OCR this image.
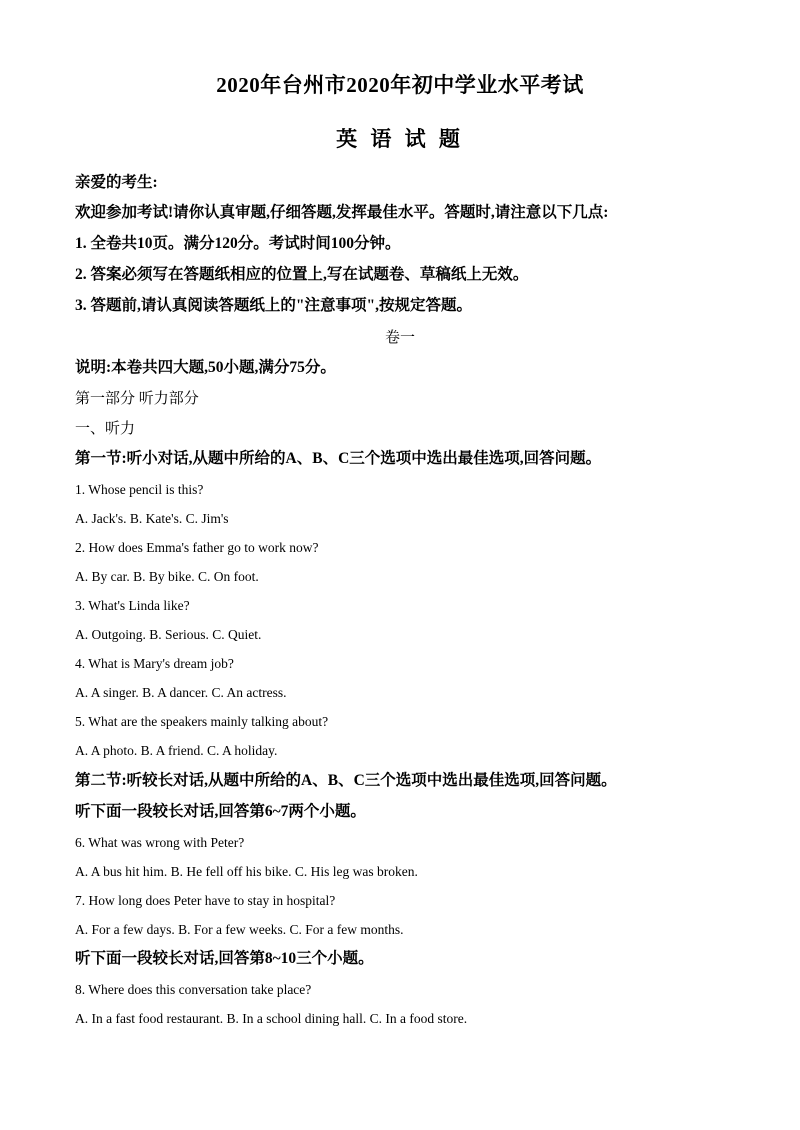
2020年台州市2020年初中学业水平考试
英 语 试 题
亲爱的考生:
欢迎参加考试!请你认真审题,仔细答题,发挥最佳水平。答题时,请注意以下几点:
1. 全卷共10页。满分120分。考试时间100分钟。
2. 答案必须写在答题纸相应的位置上,写在试题卷、草稿纸上无效。
3. 答题前,请认真阅读答题纸上的"注意事项",按规定答题。
卷一
说明:本卷共四大题,50小题,满分75分。
第一部分 听力部分
一、听力
第一节:听小对话,从题中所给的A、B、C三个选项中选出最佳选项,回答问题。
1. Whose pencil is this?
A. Jack's. B. Kate's. C. Jim's
2. How does Emma's father go to work now?
A. By car. B. By bike. C. On foot.
3. What's Linda like?
A. Outgoing. B. Serious. C. Quiet.
4. What is Mary's dream job?
A. A singer. B. A dancer. C. An actress.
5. What are the speakers mainly talking about?
A. A photo. B. A friend. C. A holiday.
第二节:听较长对话,从题中所给的A、B、C三个选项中选出最佳选项,回答问题。
听下面一段较长对话,回答第6~7两个小题。
6. What was wrong with Peter?
A. A bus hit him. B. He fell off his bike. C. His leg was broken.
7. How long does Peter have to stay in hospital?
A. For a few days. B. For a few weeks. C. For a few months.
听下面一段较长对话,回答第8~10三个小题。
8. Where does this conversation take place?
A. In a fast food restaurant. B. In a school dining hall. C. In a food store.
